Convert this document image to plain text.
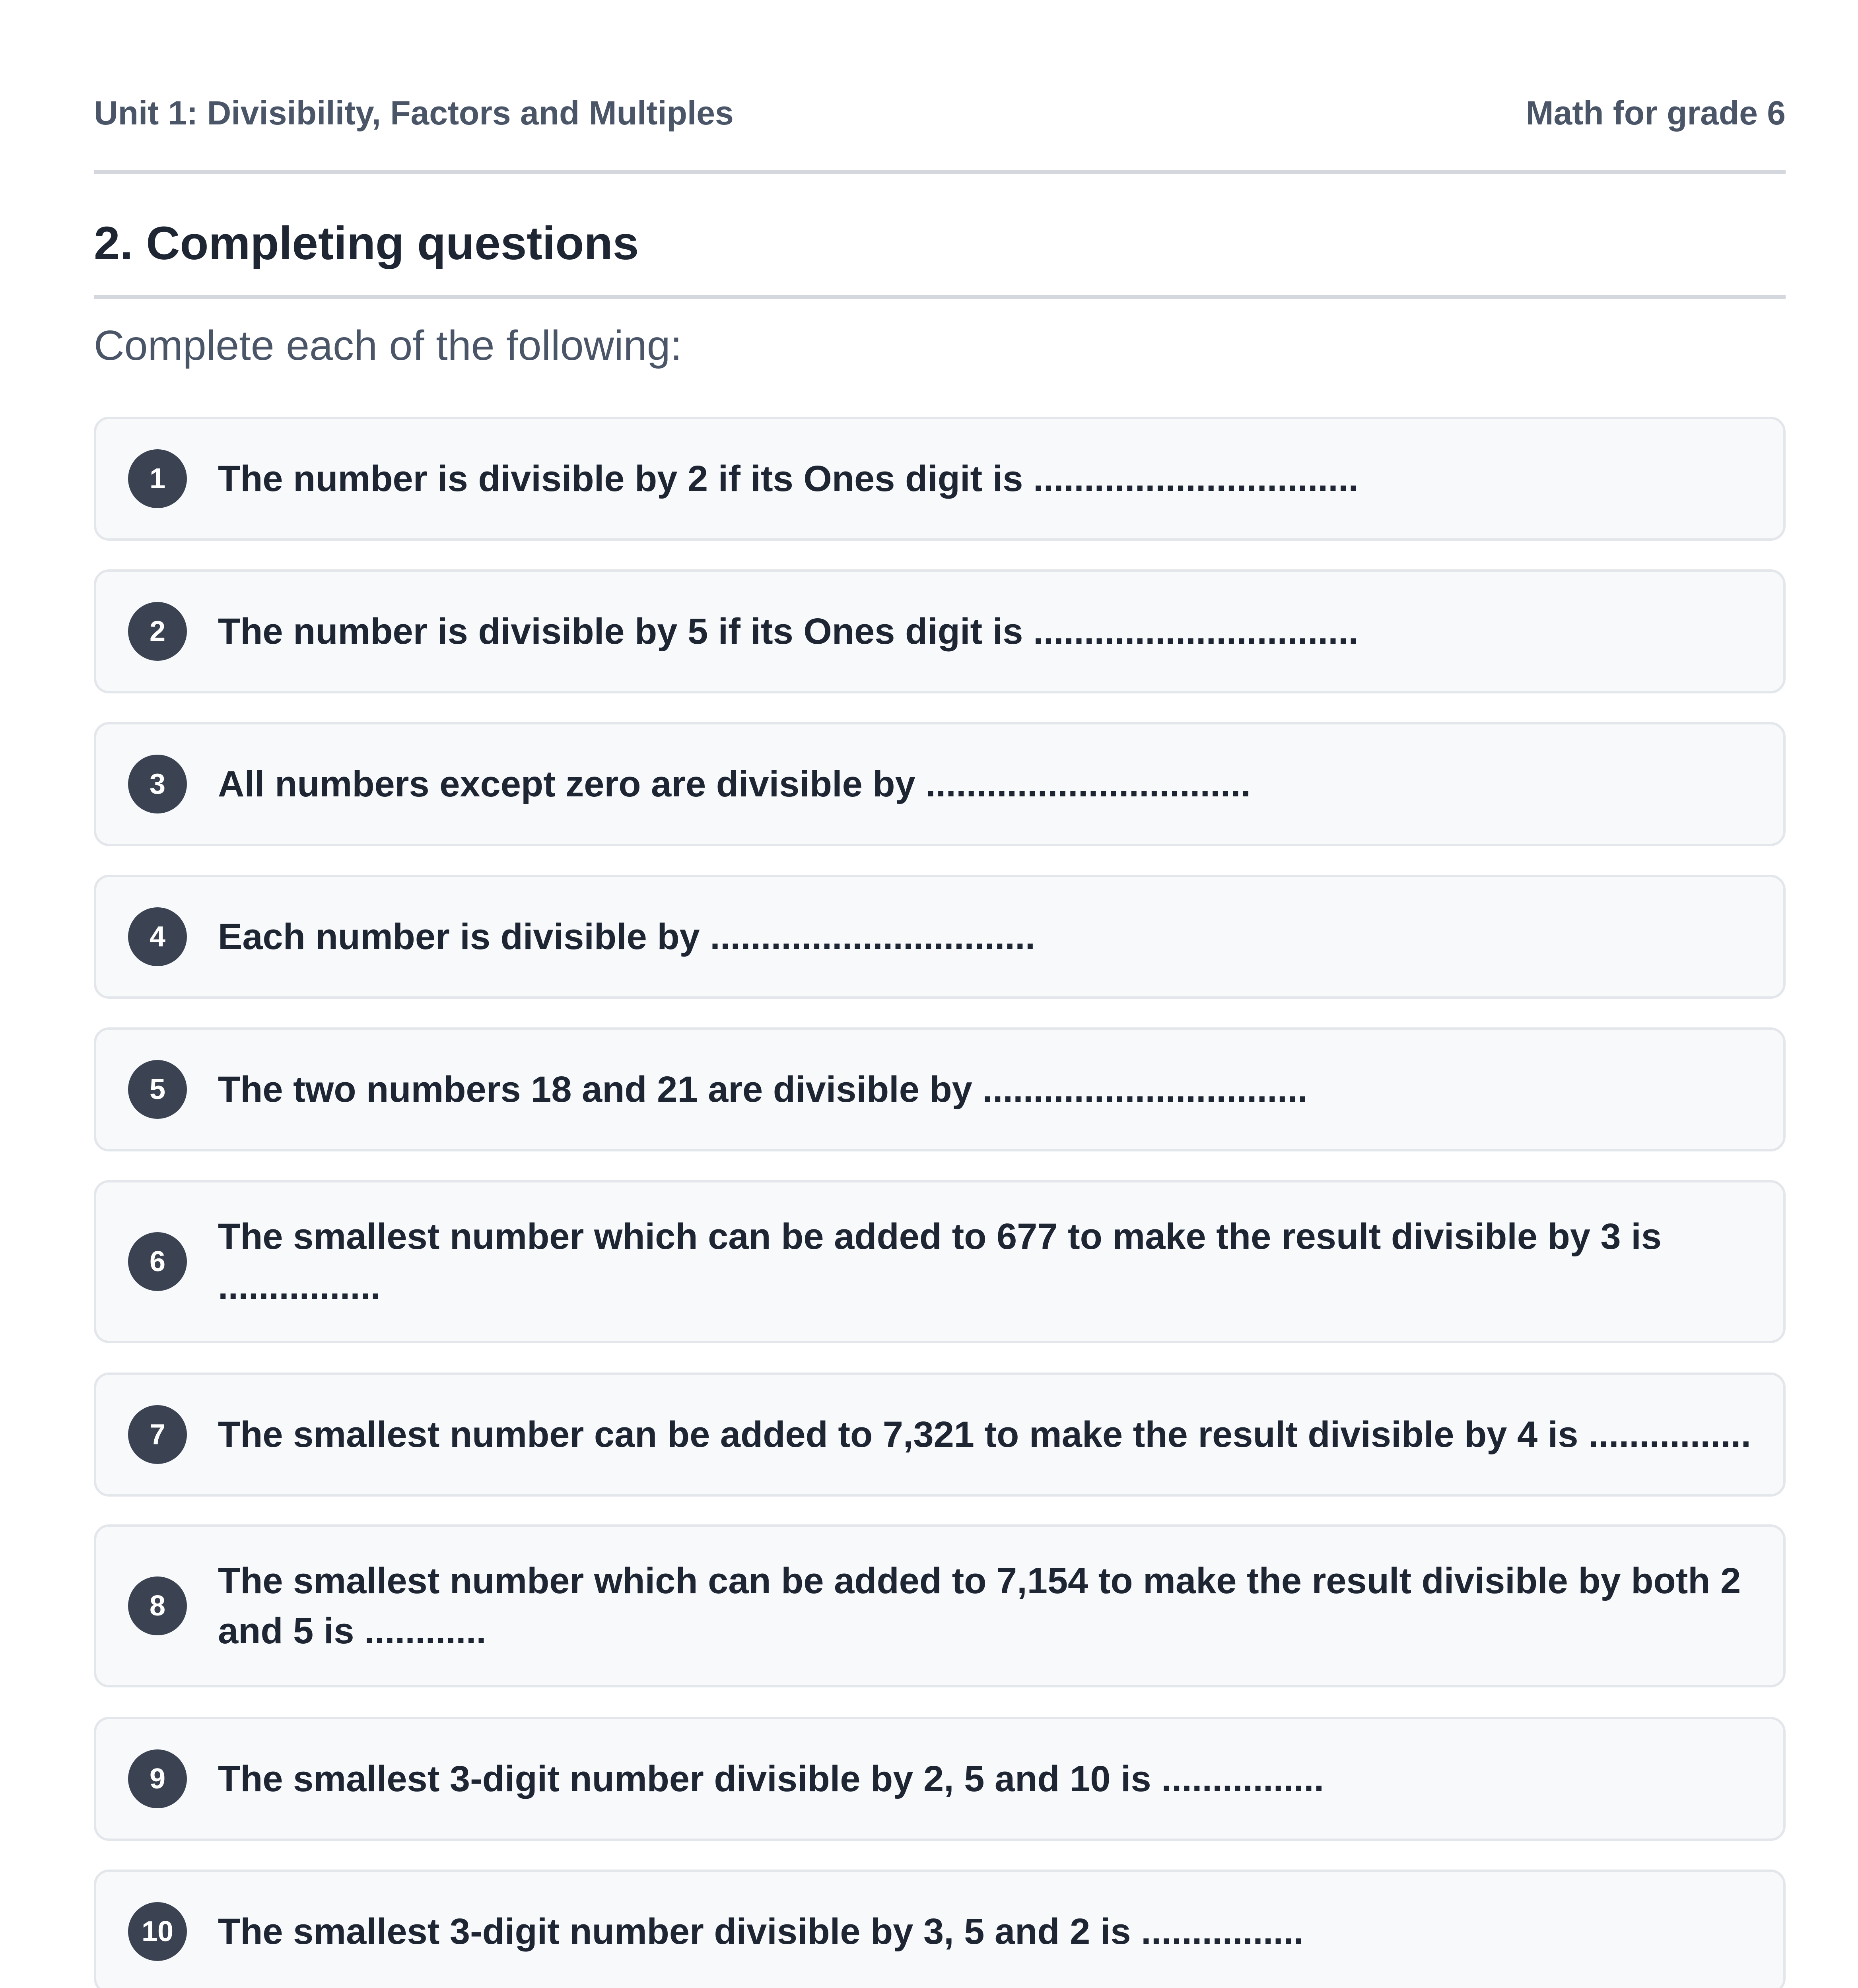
Unit 1: Divisibility, Factors and Multiples	Math for grade 6
2. Completing questions
Complete each of the following:
1	The number is divisible by 2 if its Ones digit is ................................
2	The number is divisible by 5 if its Ones digit is ................................
3	All numbers except zero are divisible by ................................
4	Each number is divisible by ................................
5	The two numbers 18 and 21 are divisible by ................................
6
The smallest number which can be added to 677 to make the result divisible by 3 is ................
7	The smallest number can be added to 7,321 to make the result divisible by 4 is ................
8
The smallest number which can be added to 7,154 to make the result divisible by both 2 and 5 is ............
9	The smallest 3-digit number divisible by 2, 5 and 10 is ................
10	The smallest 3-digit number divisible by 3, 5 and 2 is ................
